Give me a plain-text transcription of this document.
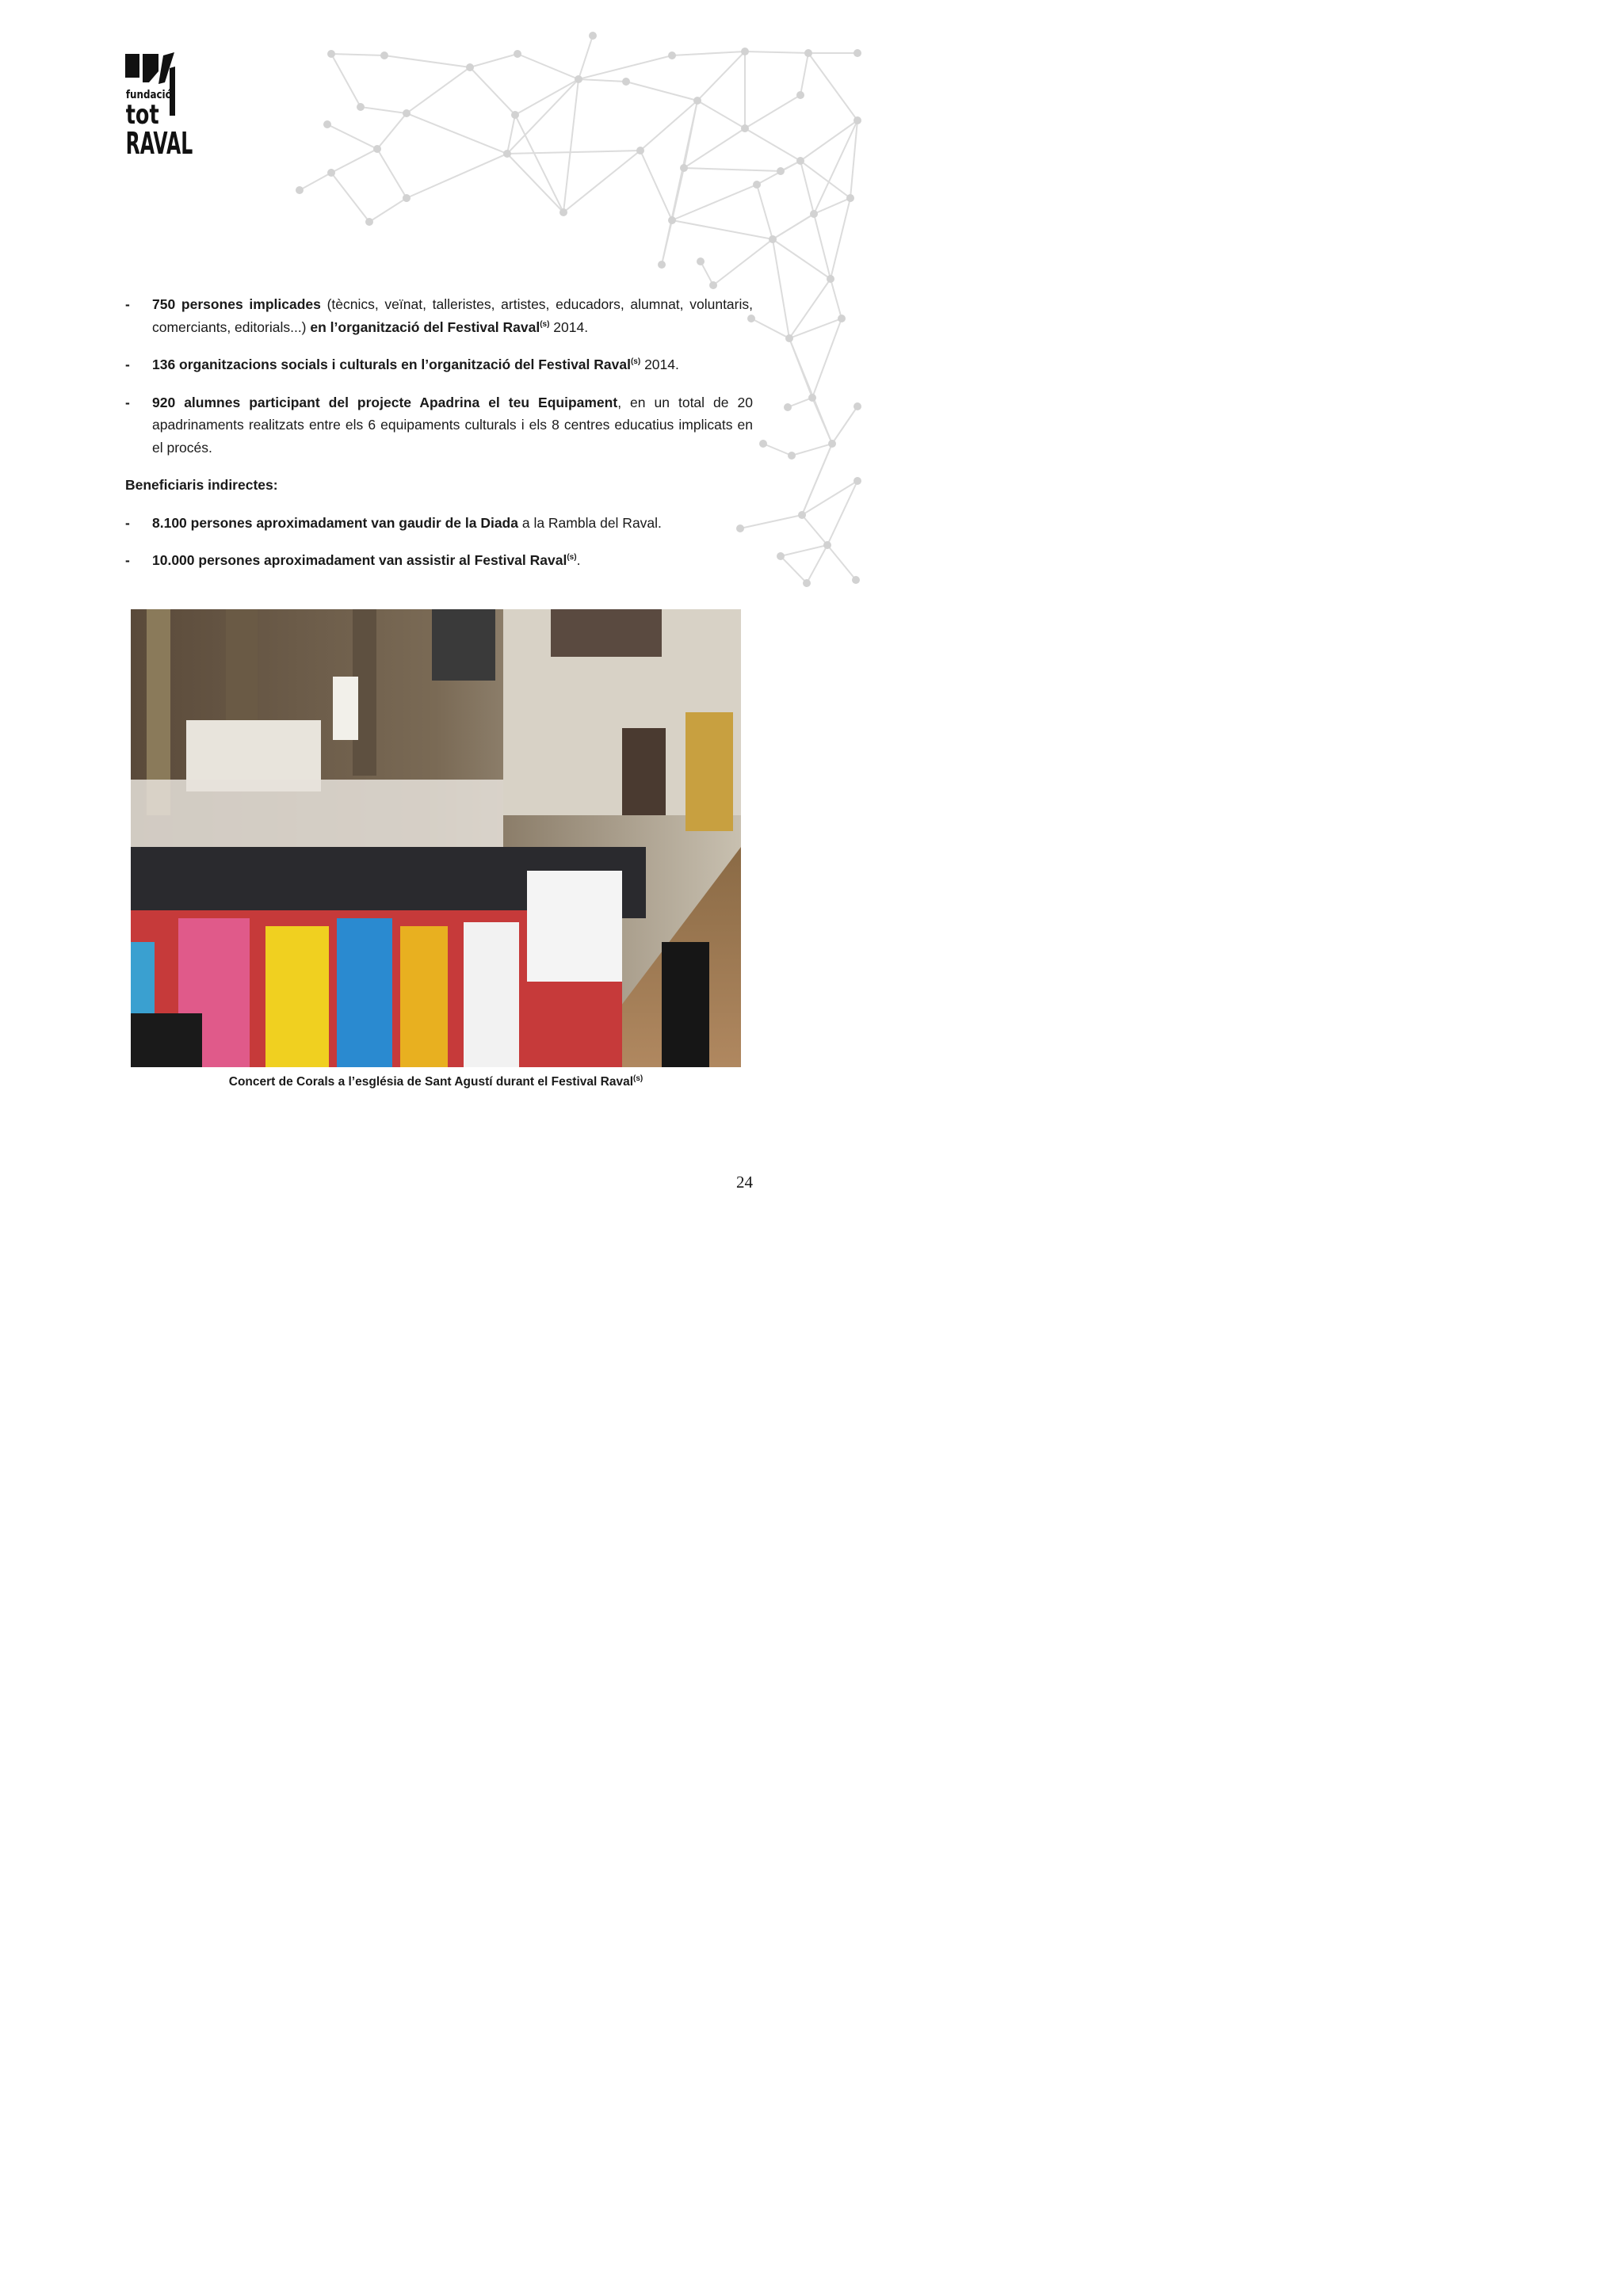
fundació
tot
RAVAL
- 750 persones implicades (tècnics, veïnat, talleristes, artistes, educadors, alumnat, voluntaris, comerciants, editorials...) en l’organització del Festival Raval$^{(s)}$ 2014.
- 136 organitzacions socials i culturals en l’organització del Festival Raval$^{(s)}$ 2014.
- 920 alumnes participant del projecte Apadrina el teu Equipament, en un total de 20 apadrinaments realitzats entre els 6 equipaments culturals i els 8 centres educatius implicats en el procés.

Beneficiaris indirectes:

- 8.100 persones aproximadament van gaudir de la Diada a la Rambla del Raval.
- 10.000 persones aproximadament van assistir al Festival Raval$^{(s)}$.
Concert de Corals a l’església de Sant Agustí durant el Festival Raval$^{(s)}$
24
